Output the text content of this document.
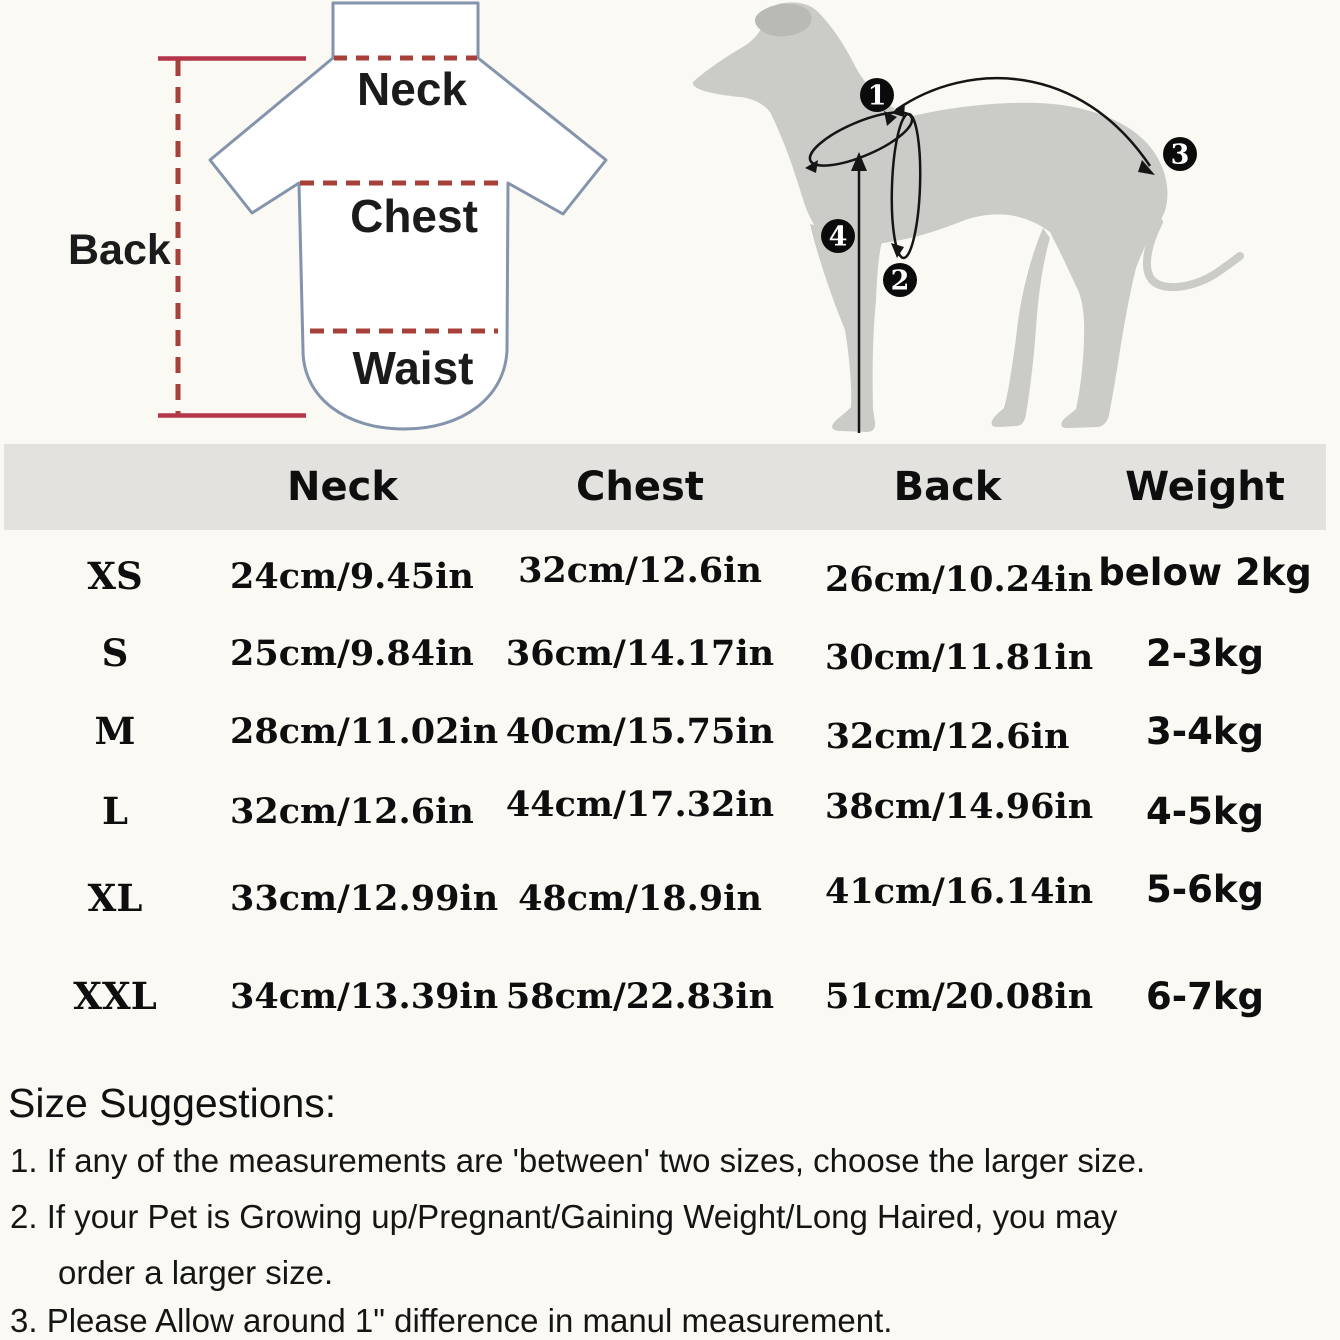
1
2
3
4
Neck
Chest
Waist
Back
Neck	Chest	Back	Weight
XS	24cm/9.45in	32cm/12.6in	26cm/10.24in below 2kg
S	25cm/9.84in 36cm/14.17in	30cm/11.81in	2-3kg
M	28cm/11.02in 40cm/15.75in	32cm/12.6in	3-4kg
L	32cm/12.6in 44cm/17.32in	38cm/14.96in	4-5kg
XL	33cm/12.99in 48cm/18.9in	41cm/16.14in	5-6kg
XXL	34cm/13.39in 58cm/22.83in	51cm/20.08in	6-7kg
Size Suggestions:
1. If any of the measurements are 'between' two sizes, choose the larger size.
2. If your Pet is Growing up/Pregnant/Gaining Weight/Long Haired, you may
order a larger size.
3. Please Allow around 1" difference in manul measurement.
